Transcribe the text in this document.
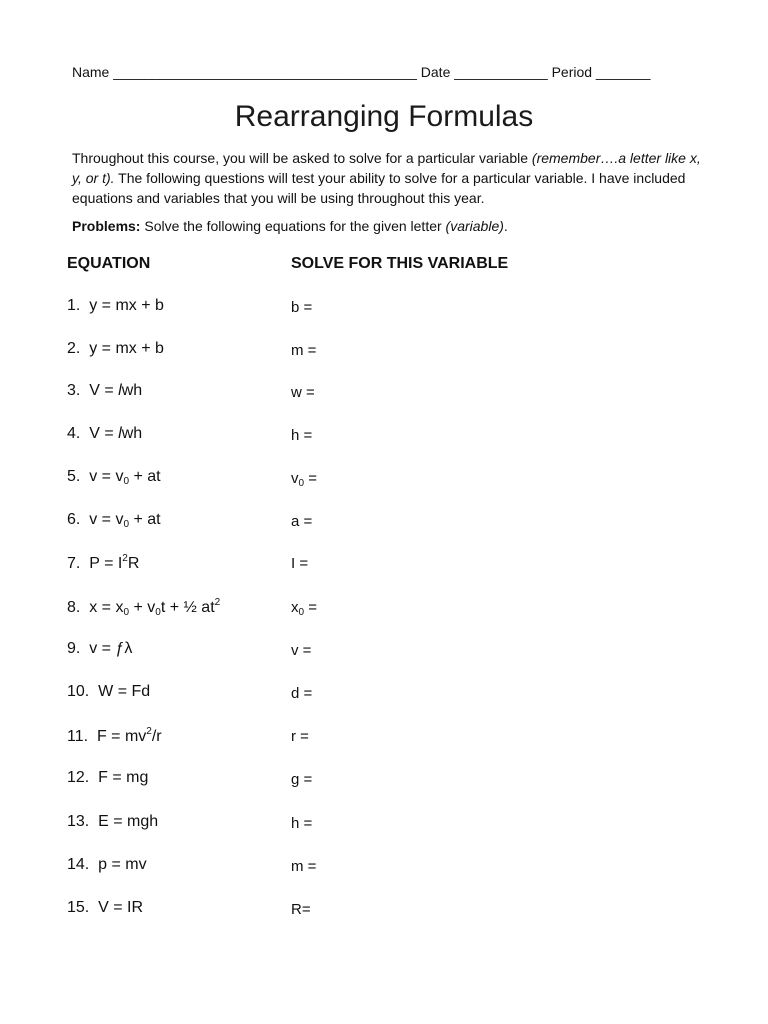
Name _______________________________________ Date ____________ Period _______
Rearranging Formulas
Throughout this course, you will be asked to solve for a particular variable (remember….a letter like x, y, or t). The following questions will test your ability to solve for a particular variable. I have included equations and variables that you will be using throughout this year.
Problems: Solve the following equations for the given letter (variable).
EQUATION	SOLVE FOR THIS VARIABLE
1. y = mx + b	b =
2. y = mx + b	m =
3. V = lwh	w =
4. V = lwh	h =
5. $v = v_0$ + at	$v_0$ =
6. $v = v_0$ + at	a =
7. $P = I^2R$	I =
8. $x = x_0 + v_0t$ + ½ $at^2$	$x_0$ =
9. v = ƒλ	v =
10. W = Fd	d =
11. $F = mv^2/r$	r =
12. F = mg	g =
13. E = mgh	h =
14. p = mv	m =
15. V = IR	R=
